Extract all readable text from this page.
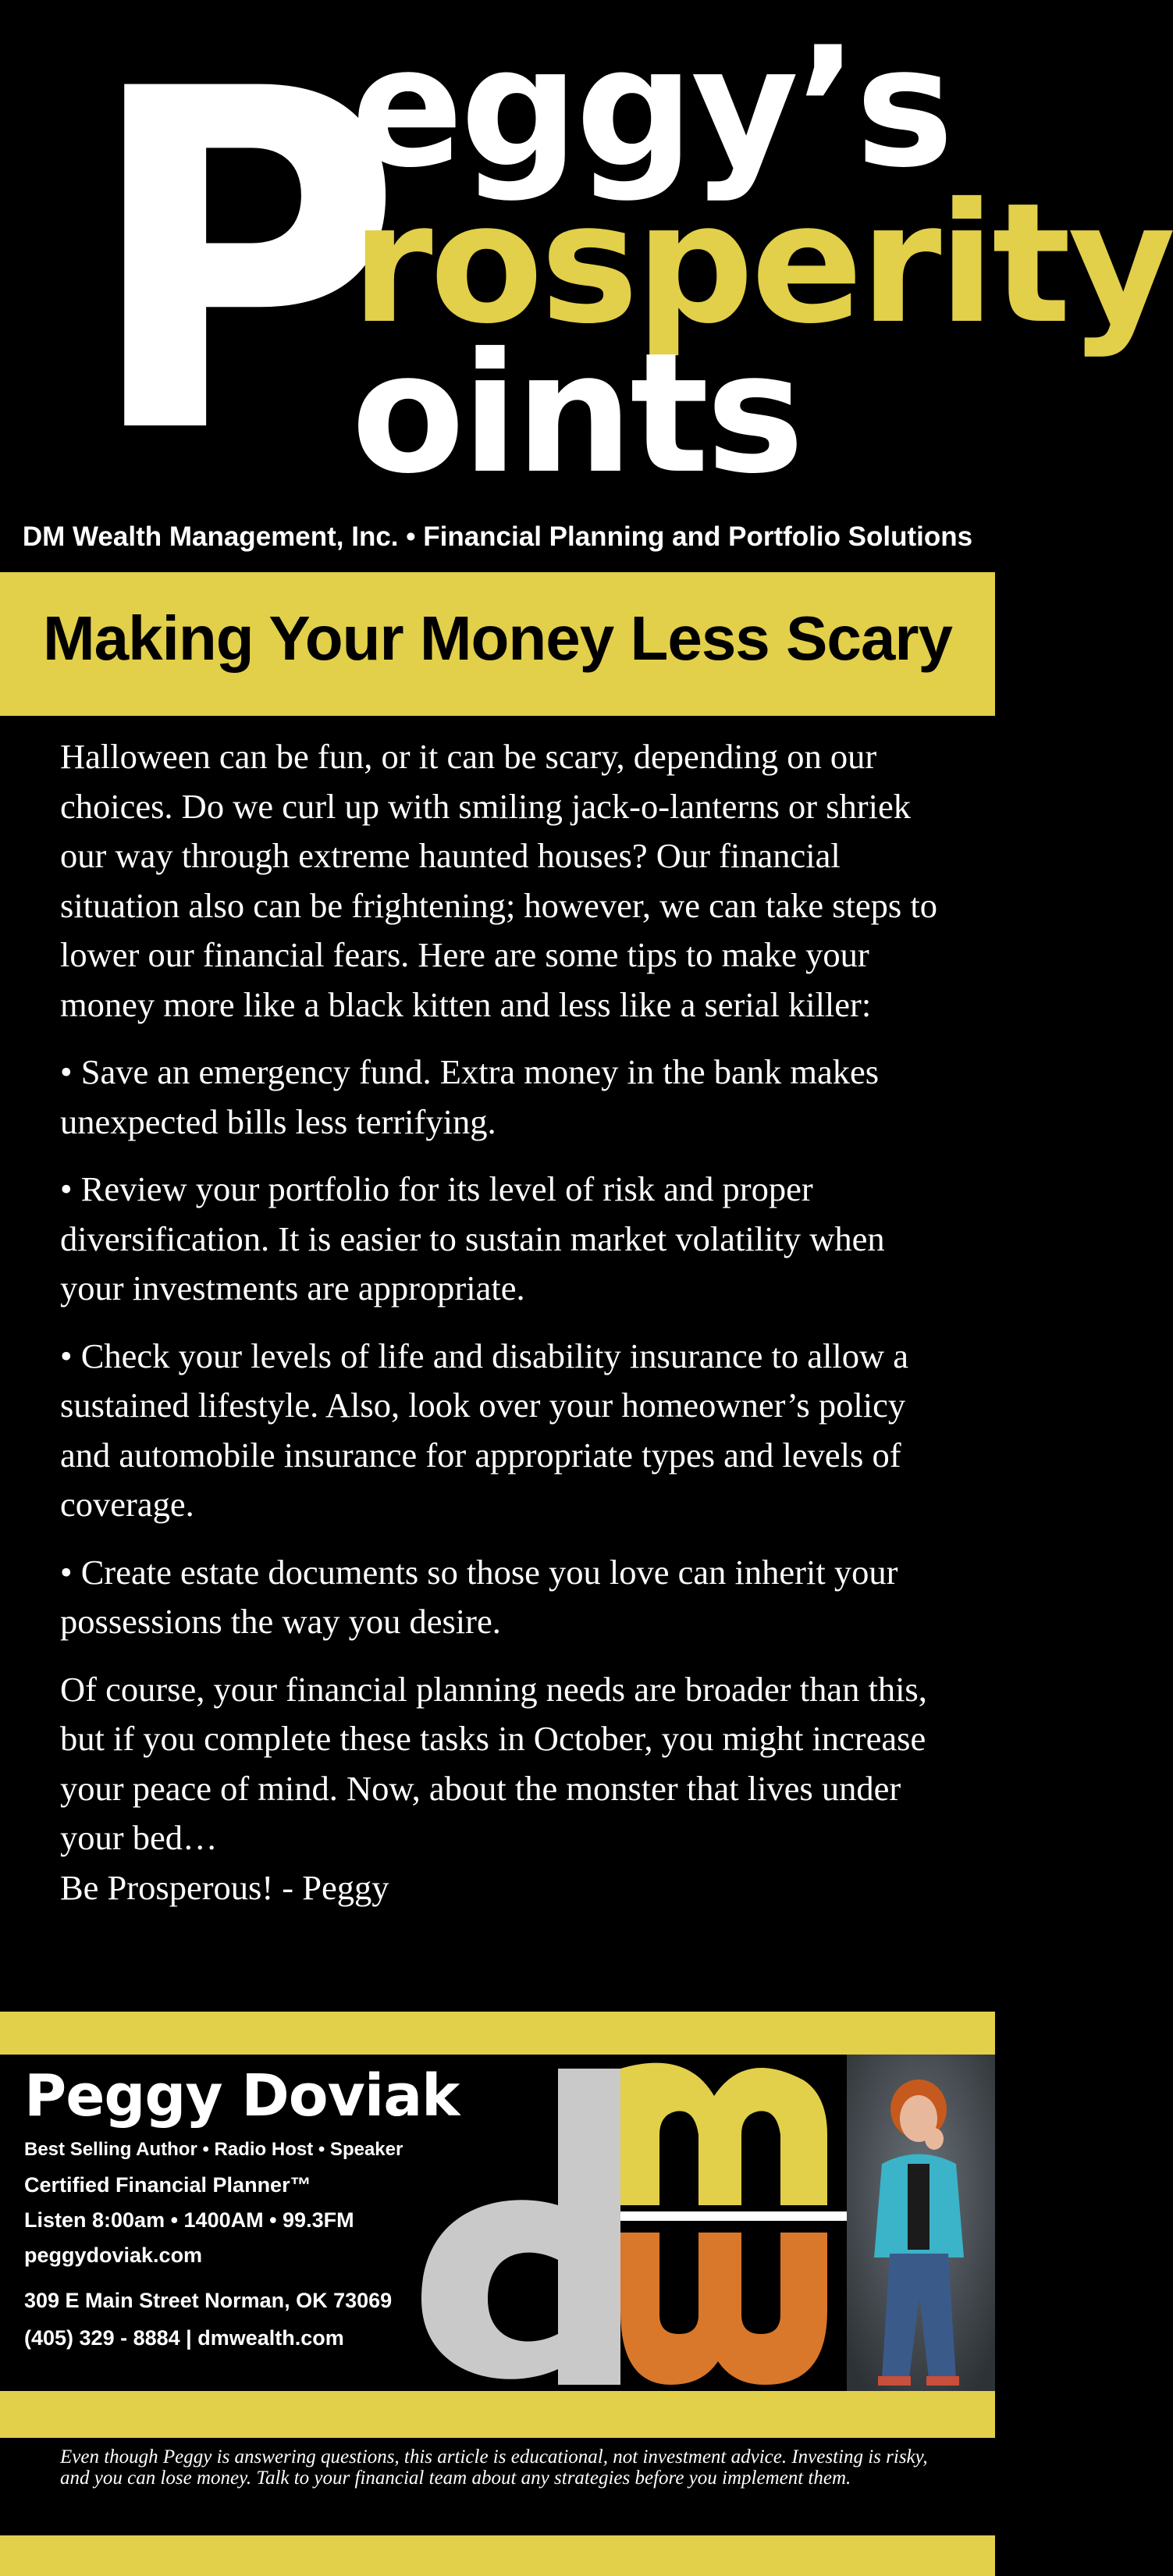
P
eggy’s
rosperity
oints
DM Wealth Management, Inc. • Financial Planning and Portfolio Solutions
Making Your Money Less Scary

Halloween can be fun, or it can be scary, depending on our choices. Do we curl up with smiling jack-o-lanterns or shriek our way through extreme haunted houses? Our financial situation also can be frightening; however, we can take steps to lower our financial fears. Here are some tips to make your money more like a black kitten and less like a serial killer:

• Save an emergency fund. Extra money in the bank makes unexpected bills less terrifying.

• Review your portfolio for its level of risk and proper diversification. It is easier to sustain market volatility when your investments are appropriate.

• Check your levels of life and disability insurance to allow a sustained lifestyle. Also, look over your homeowner’s policy and automobile insurance for appropriate types and levels of coverage.

• Create estate documents so those you love can inherit your possessions the way you desire.

Of course, your financial planning needs are broader than this, but if you complete these tasks in October, you might increase your peace of mind. Now, about the monster that lives under your bed…

Be Prosperous! - Peggy

Peggy Doviak
Best Selling Author • Radio Host • Speaker
Certified Financial Planner™
Listen 8:00am • 1400AM • 99.3FM
peggydoviak.com
309 E Main Street Norman, OK 73069
(405) 329 - 8884 | dmwealth.com
Even though Peggy is answering questions, this article is educational, not investment advice. Investing is risky, and you can lose money. Talk to your financial team about any strategies before you implement them.
